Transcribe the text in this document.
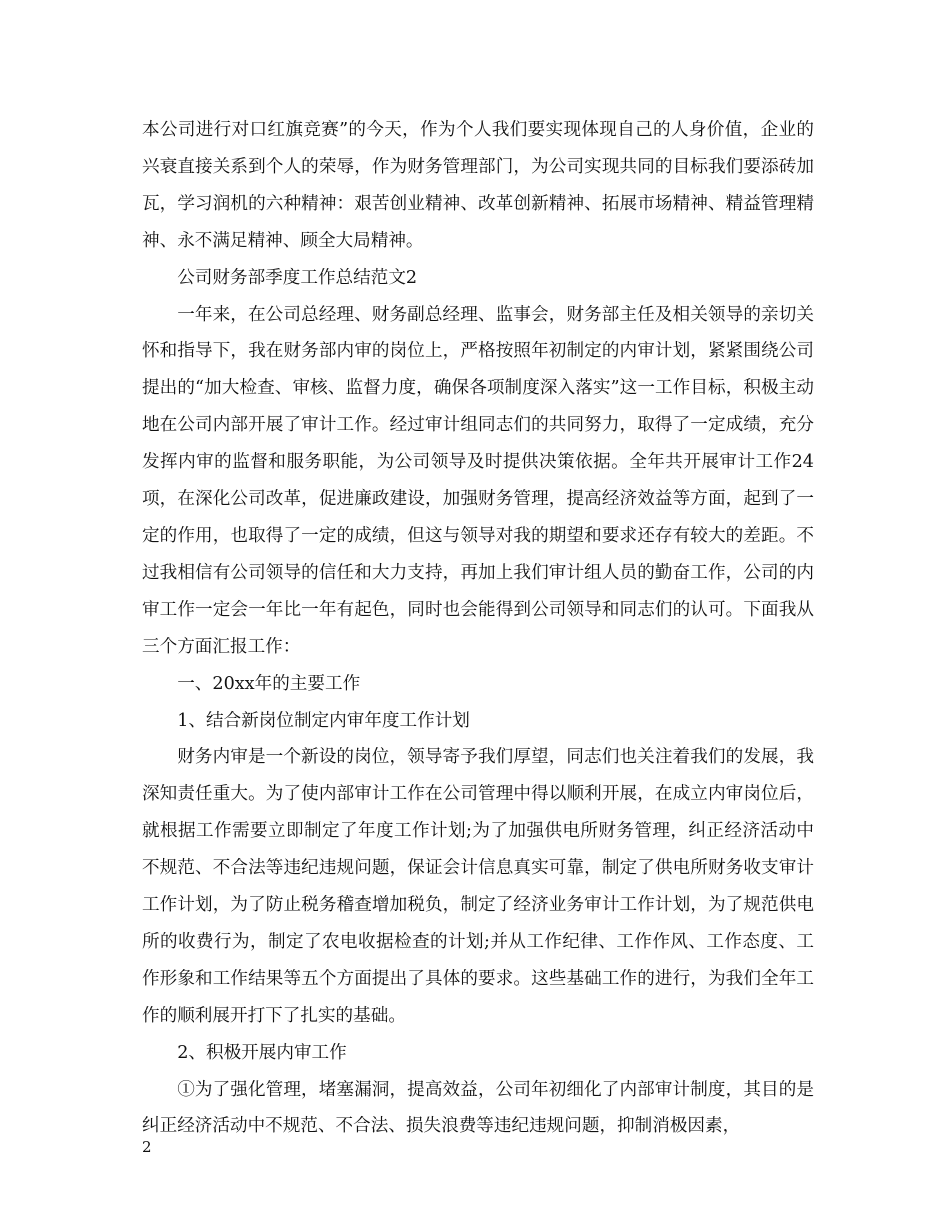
本公司进行对口红旗竞赛”的今天，作为个人我们要实现体现自己的人身价值，企业的兴衰直接关系到个人的荣辱，作为财务管理部门，为公司实现共同的目标我们要添砖加瓦，学习润机的六种精神：艰苦创业精神、改革创新精神、拓展市场精神、精益管理精神、永不满足精神、顾全大局精神。

公司财务部季度工作总结范文2

一年来，在公司总经理、财务副总经理、监事会，财务部主任及相关领导的亲切关怀和指导下，我在财务部内审的岗位上，严格按照年初制定的内审计划，紧紧围绕公司提出的“加大检查、审核、监督力度，确保各项制度深入落实”这一工作目标，积极主动地在公司内部开展了审计工作。经过审计组同志们的共同努力，取得了一定成绩，充分发挥内审的监督和服务职能，为公司领导及时提供决策依据。全年共开展审计工作24项，在深化公司改革，促进廉政建设，加强财务管理，提高经济效益等方面，起到了一定的作用，也取得了一定的成绩，但这与领导对我的期望和要求还存有较大的差距。不过我相信有公司领导的信任和大力支持，再加上我们审计组人员的勤奋工作，公司的内审工作一定会一年比一年有起色，同时也会能得到公司领导和同志们的认可。下面我从三个方面汇报工作：

一、20xx年的主要工作

1、结合新岗位制定内审年度工作计划

财务内审是一个新设的岗位，领导寄予我们厚望，同志们也关注着我们的发展，我深知责任重大。为了使内部审计工作在公司管理中得以顺利开展，在成立内审岗位后，就根据工作需要立即制定了年度工作计划;为了加强供电所财务管理，纠正经济活动中不规范、不合法等违纪违规问题，保证会计信息真实可靠，制定了供电所财务收支审计工作计划，为了防止税务稽查增加税负，制定了经济业务审计工作计划，为了规范供电所的收费行为，制定了农电收据检查的计划;并从工作纪律、工作作风、工作态度、工作形象和工作结果等五个方面提出了具体的要求。这些基础工作的进行，为我们全年工作的顺利展开打下了扎实的基础。

2、积极开展内审工作

①为了强化管理，堵塞漏洞，提高效益，公司年初细化了内部审计制度，其目的是纠正经济活动中不规范、不合法、损失浪费等违纪违规问题，抑制消极因素，

2
